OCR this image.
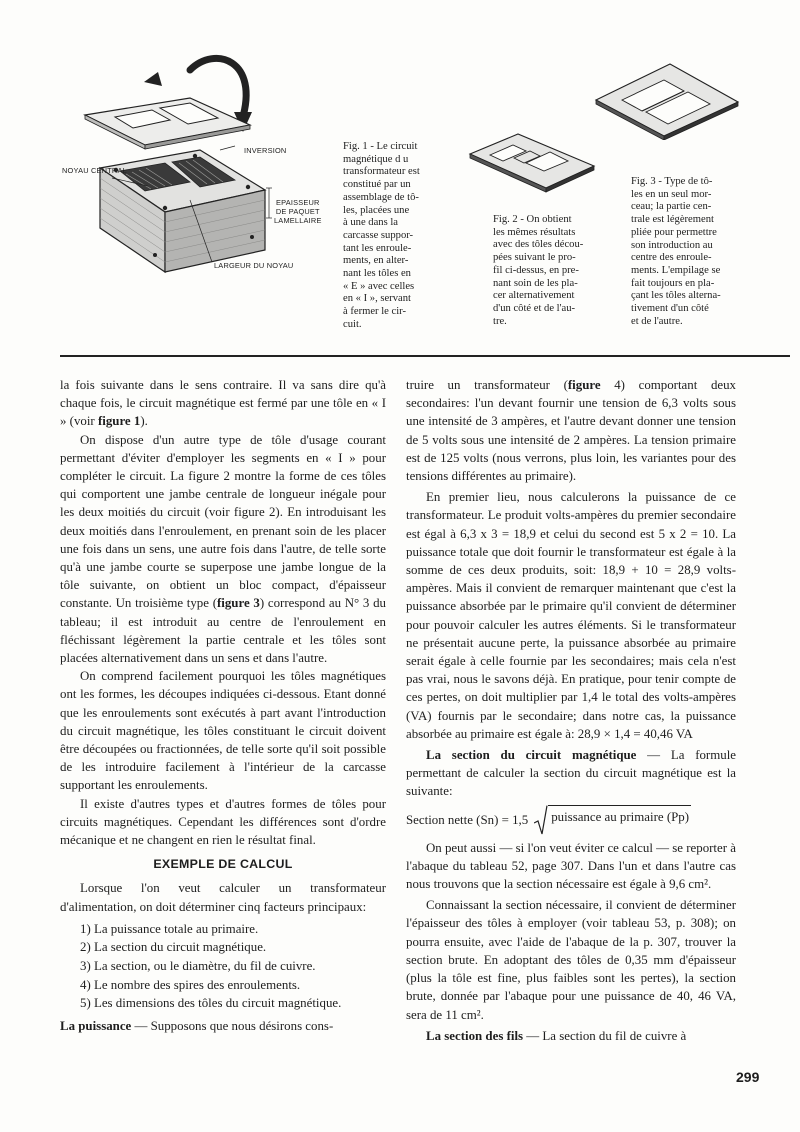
INVERSION
NOYAU CENTRAL
EPAISSEUR
DE PAQUET
LAMELLAIRE
LARGEUR DU NOYAU
Fig. 1 - Le circuit
magnétique d u
transformateur est
constitué par un
assemblage de tô-
les, placées une
à une dans la
carcasse suppor-
tant les enroule-
ments, en alter-
nant les tôles en
« E » avec celles
en « I », servant
à fermer le cir-
cuit.
Fig. 2 - On obtient
les mêmes résultats
avec des tôles décou-
pées suivant le pro-
fil ci-dessus, en pre-
nant soin de les pla-
cer alternativement
d'un côté et de l'au-
tre.
Fig. 3 - Type de tô-
les en un seul mor-
ceau; la partie cen-
trale est légèrement
pliée pour permettre
son introduction au
centre des enroule-
ments. L'empilage se
fait toujours en pla-
çant les tôles alterna-
tivement d'un côté
et de l'autre.

la fois suivante dans le sens contraire. Il va sans dire qu'à chaque fois, le circuit magnétique est fermé par une tôle en « I » (voir figure 1).

On dispose d'un autre type de tôle d'usage courant permettant d'éviter d'employer les segments en « I » pour compléter le circuit. La figure 2 montre la forme de ces tôles qui comportent une jambe centrale de longueur inégale pour les deux moitiés du circuit (voir figure 2). En introduisant les deux moitiés dans l'enroulement, en prenant soin de les placer une fois dans un sens, une autre fois dans l'autre, de telle sorte qu'à une jambe courte se superpose une jambe longue de la tôle suivante, on obtient un bloc compact, d'épaisseur constante. Un troisième type (figure 3) correspond au N° 3 du tableau; il est introduit au centre de l'enroulement en fléchissant légèrement la partie centrale et les tôles sont placées alternativement dans un sens et dans l'autre.

On comprend facilement pourquoi les tôles magnétiques ont les formes, les découpes indiquées ci-dessous. Etant donné que les enroulements sont exécutés à part avant l'introduction du circuit magnétique, les tôles constituant le circuit doivent être découpées ou fractionnées, de telle sorte qu'il soit possible de les introduire facilement à l'intérieur de la carcasse supportant les enroulements.

Il existe d'autres types et d'autres formes de tôles pour circuits magnétiques. Cependant les différences sont d'ordre mécanique et ne changent en rien le résultat final.

EXEMPLE DE CALCUL

Lorsque l'on veut calculer un transformateur d'alimentation, on doit déterminer cinq facteurs principaux:

1) La puissance totale au primaire.
2) La section du circuit magnétique.
3) La section, ou le diamètre, du fil de cuivre.
4) Le nombre des spires des enroulements.
5) Les dimensions des tôles du circuit magnétique.

La puissance — Supposons que nous désirons cons-

truire un transformateur (figure 4) comportant deux secondaires: l'un devant fournir une tension de 6,3 volts sous une intensité de 3 ampères, et l'autre devant donner une tension de 5 volts sous une intensité de 2 ampères. La tension primaire est de 125 volts (nous verrons, plus loin, les variantes pour des tensions différentes au primaire).

En premier lieu, nous calculerons la puissance de ce transformateur. Le produit volts-ampères du premier secondaire est égal à 6,3 x 3 = 18,9 et celui du second est 5 x 2 = 10. La puissance totale que doit fournir le transformateur est égale à la somme de ces deux produits, soit: 18,9 + 10 = 28,9 volts-ampères. Mais il convient de remarquer maintenant que c'est la puissance absorbée par le primaire qu'il convient de déterminer pour pouvoir calculer les autres éléments. Si le transformateur ne présentait aucune perte, la puissance absorbée au primaire serait égale à celle fournie par les secondaires; mais cela n'est pas vrai, nous le savons déjà. En pratique, pour tenir compte de ces pertes, on doit multiplier par 1,4 le total des volts-ampères (VA) fournis par le secondaire; dans notre cas, la puissance absorbée au primaire est égale à: 28,9 × 1,4 = 40,46 VA

La section du circuit magnétique — La formule permettant de calculer la section du circuit magnétique est la suivante:

Section nette (Sn) = 1,5 puissance au primaire (Pp)

On peut aussi — si l'on veut éviter ce calcul — se reporter à l'abaque du tableau 52, page 307. Dans l'un et dans l'autre cas nous trouvons que la section nécessaire est égale à 9,6 cm².

Connaissant la section nécessaire, il convient de déterminer l'épaisseur des tôles à employer (voir tableau 53, p. 308); on pourra ensuite, avec l'aide de l'abaque de la p. 307, trouver la section brute. En adoptant des tôles de 0,35 mm d'épaisseur (plus la tôle est fine, plus faibles sont les pertes), la section brute, donnée par l'abaque pour une puissance de 40, 46 VA, sera de 11 cm².

La section des fils — La section du fil de cuivre à

299
